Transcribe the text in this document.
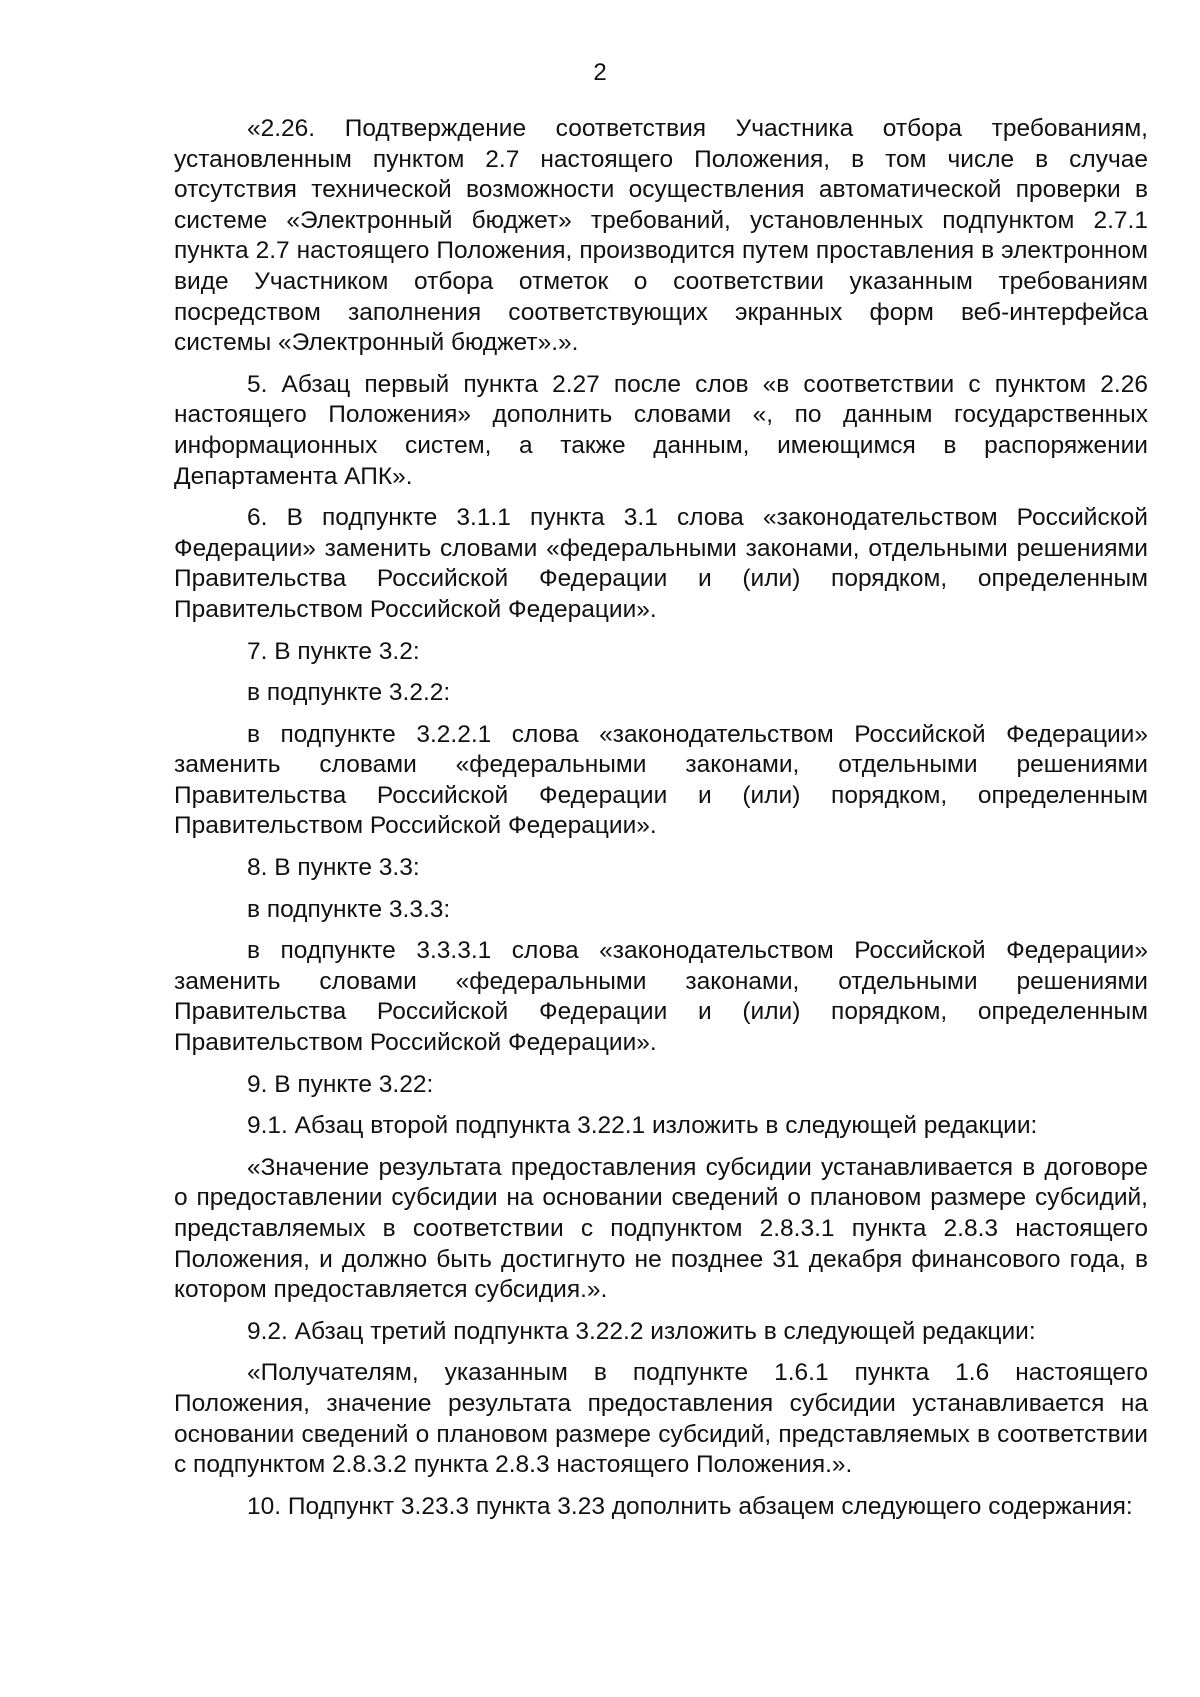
2

«2.26. Подтверждение соответствия Участника отбора требованиям, установленным пунктом 2.7 настоящего Положения, в том числе в случае отсутствия технической возможности осуществления автоматической проверки в системе «Электронный бюджет» требований, установленных подпунктом 2.7.1 пункта 2.7 настоящего Положения, производится путем проставления в электронном виде Участником отбора отметок о соответствии указанным требованиям посредством заполнения соответствующих экранных форм веб-интерфейса системы «Электронный бюджет».».

5. Абзац первый пункта 2.27 после слов «в соответствии с пунктом 2.26 настоящего Положения» дополнить словами «, по данным государственных информационных систем, а также данным, имеющимся в распоряжении Департамента АПК».

6. В подпункте 3.1.1 пункта 3.1 слова «законодательством Российской Федерации» заменить словами «федеральными законами, отдельными решениями Правительства Российской Федерации и (или) порядком, определенным Правительством Российской Федерации».

7. В пункте 3.2:

в подпункте 3.2.2:

в подпункте 3.2.2.1 слова «законодательством Российской Федерации» заменить словами «федеральными законами, отдельными решениями Правительства Российской Федерации и (или) порядком, определенным Правительством Российской Федерации».

8. В пункте 3.3:

в подпункте 3.3.3:

в подпункте 3.3.3.1 слова «законодательством Российской Федерации» заменить словами «федеральными законами, отдельными решениями Правительства Российской Федерации и (или) порядком, определенным Правительством Российской Федерации».

9. В пункте 3.22:

9.1. Абзац второй подпункта 3.22.1 изложить в следующей редакции:

«Значение результата предоставления субсидии устанавливается в договоре о предоставлении субсидии на основании сведений о плановом размере субсидий, представляемых в соответствии с подпунктом 2.8.3.1 пункта 2.8.3 настоящего Положения, и должно быть достигнуто не позднее 31 декабря финансового года, в котором предоставляется субсидия.».

9.2. Абзац третий подпункта 3.22.2 изложить в следующей редакции:

«Получателям, указанным в подпункте 1.6.1 пункта 1.6 настоящего Положения, значение результата предоставления субсидии устанавливается на основании сведений о плановом размере субсидий, представляемых в соответствии с подпунктом 2.8.3.2 пункта 2.8.3 настоящего Положения.».

10. Подпункт 3.23.3 пункта 3.23 дополнить абзацем следующего содержания:
